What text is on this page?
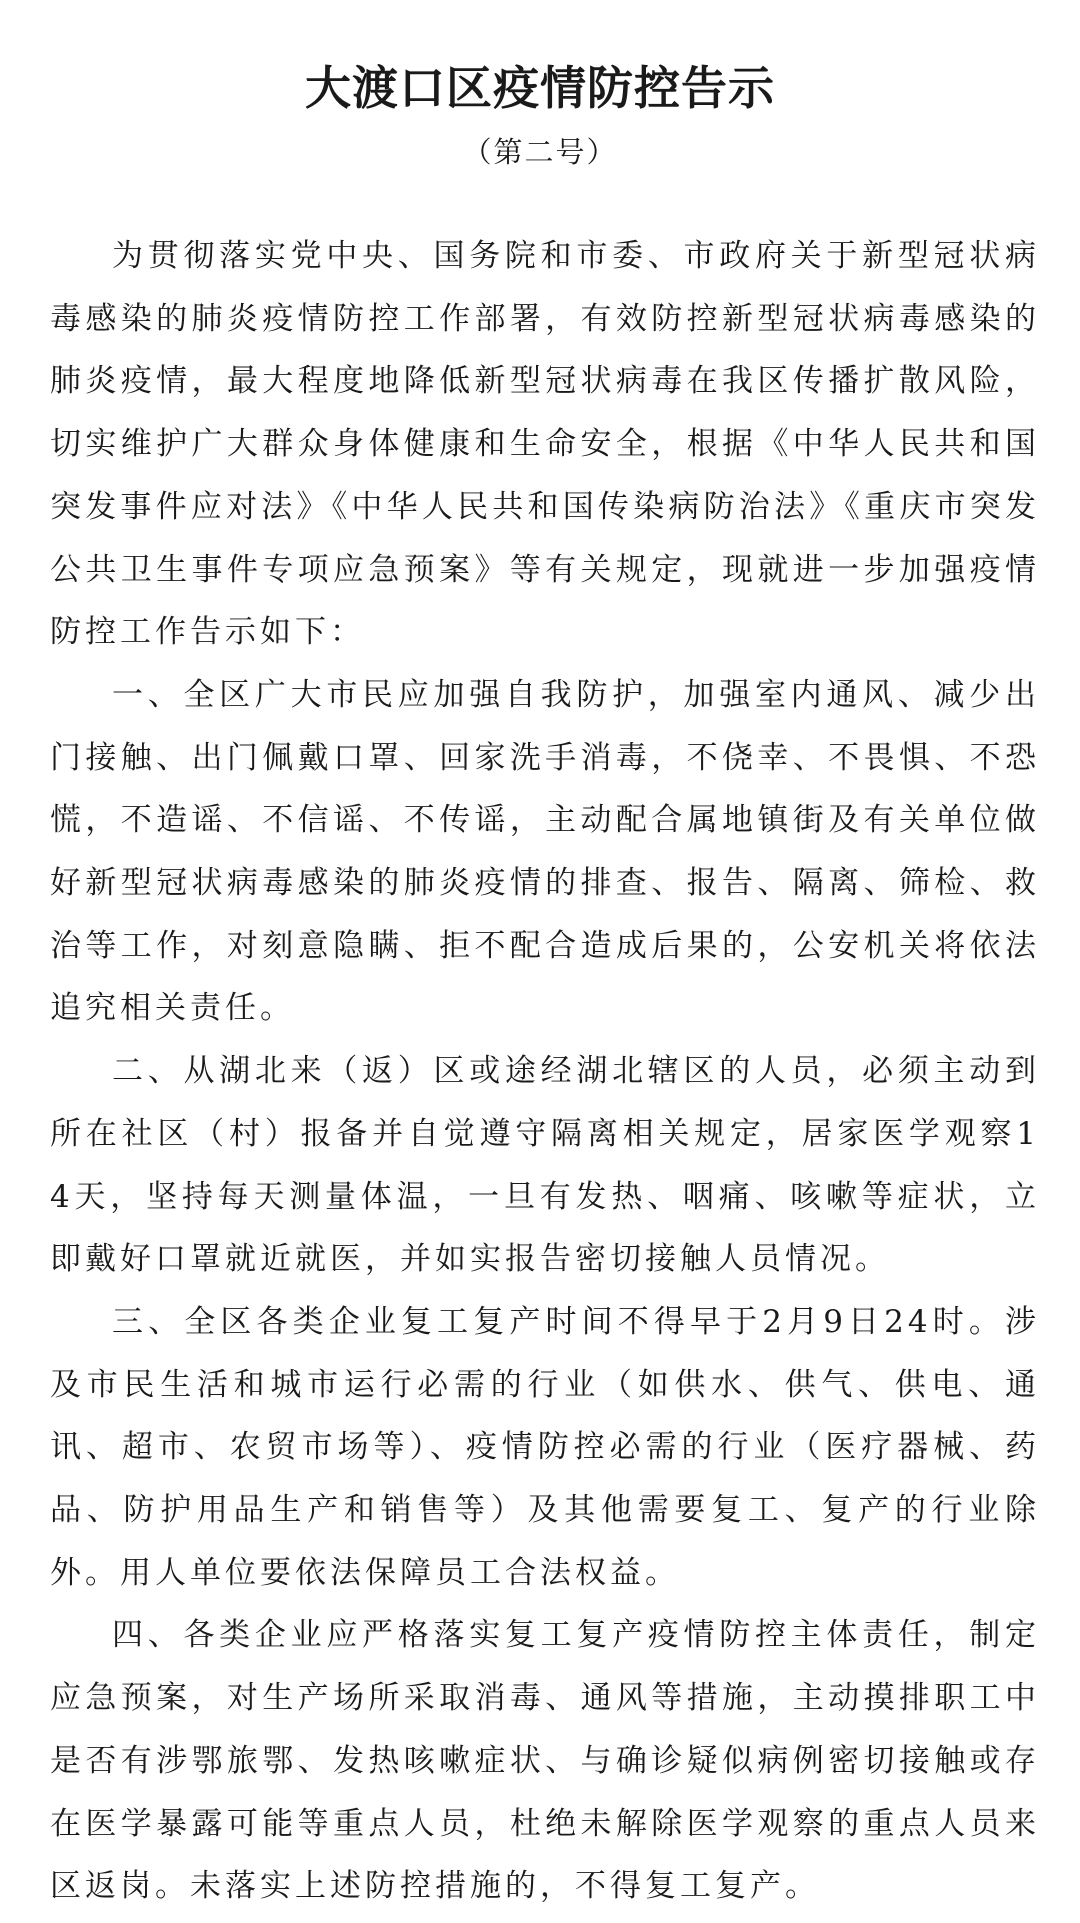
大渡口区疫情防控告示
（第二号）

为贯彻落实党中央、国务院和市委、市政府关于新型冠状病毒感染的肺炎疫情防控工作部署，有效防控新型冠状病毒感染的肺炎疫情，最大程度地降低新型冠状病毒在我区传播扩散风险，切实维护广大群众身体健康和生命安全，根据《中华人民共和国突发事件应对法》《中华人民共和国传染病防治法》《重庆市突发公共卫生事件专项应急预案》等有关规定，现就进一步加强疫情防控工作告示如下：

一、全区广大市民应加强自我防护，加强室内通风、减少出门接触、出门佩戴口罩、回家洗手消毒，不侥幸、不畏惧、不恐慌，不造谣、不信谣、不传谣，主动配合属地镇街及有关单位做好新型冠状病毒感染的肺炎疫情的排查、报告、隔离、筛检、救治等工作，对刻意隐瞒、拒不配合造成后果的，公安机关将依法追究相关责任。

二、从湖北来（返）区或途经湖北辖区的人员，必须主动到所在社区（村）报备并自觉遵守隔离相关规定，居家医学观察14天，坚持每天测量体温，一旦有发热、咽痛、咳嗽等症状，立即戴好口罩就近就医，并如实报告密切接触人员情况。

三、全区各类企业复工复产时间不得早于2月9日24时。涉及市民生活和城市运行必需的行业（如供水、供气、供电、通讯、超市、农贸市场等）、疫情防控必需的行业（医疗器械、药品、防护用品生产和销售等）及其他需要复工、复产的行业除外。用人单位要依法保障员工合法权益。

四、各类企业应严格落实复工复产疫情防控主体责任，制定应急预案，对生产场所采取消毒、通风等措施，主动摸排职工中是否有涉鄂旅鄂、发热咳嗽症状、与确诊疑似病例密切接触或存在医学暴露可能等重点人员，杜绝未解除医学观察的重点人员来区返岗。未落实上述防控措施的，不得复工复产。
